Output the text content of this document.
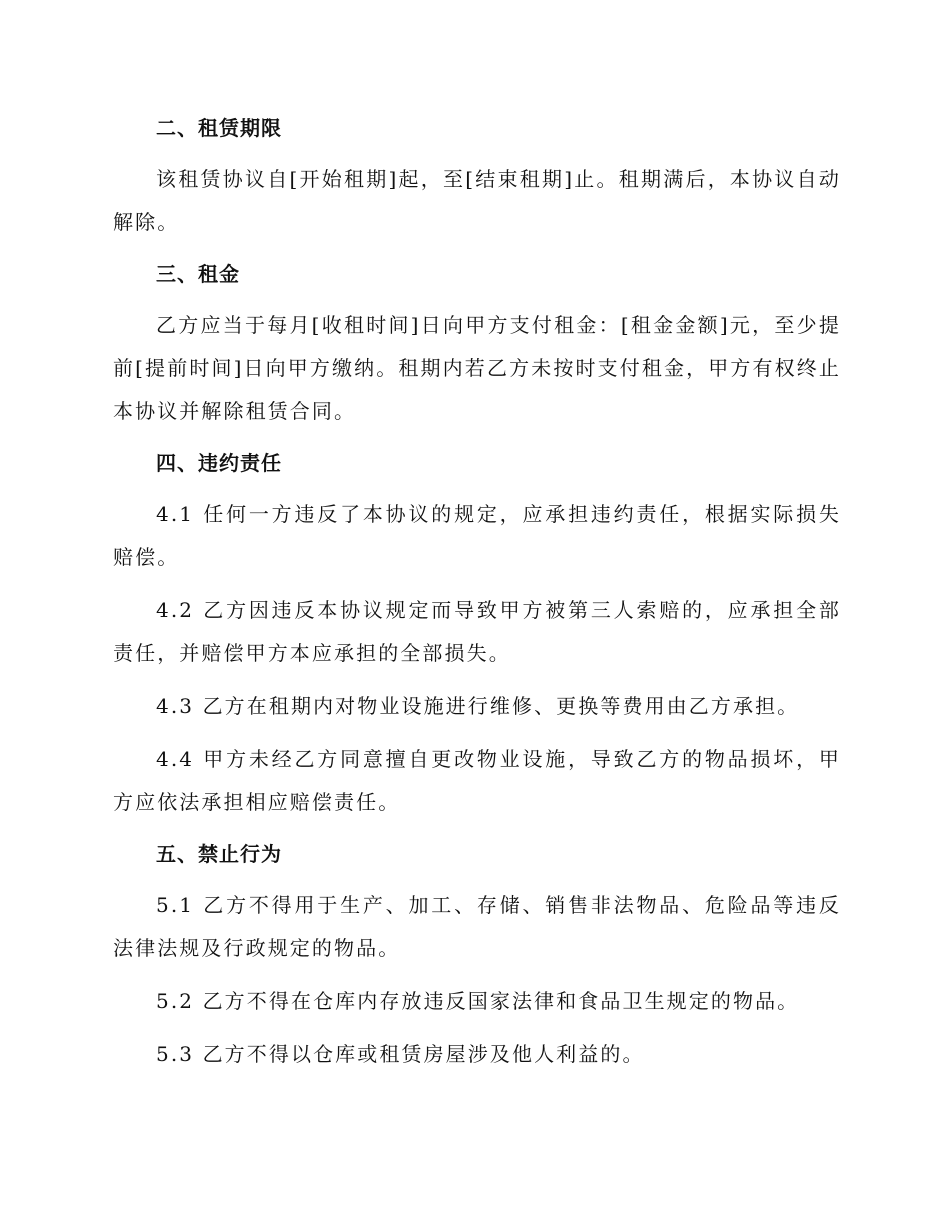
二、租赁期限

该租赁协议自[开始租期]起，至[结束租期]止。租期满后，本协议自动解除。

三、租金

乙方应当于每月[收租时间]日向甲方支付租金：[租金金额]元，至少提前[提前时间]日向甲方缴纳。租期内若乙方未按时支付租金，甲方有权终止本协议并解除租赁合同。

四、违约责任

4.1 任何一方违反了本协议的规定，应承担违约责任，根据实际损失赔偿。

4.2 乙方因违反本协议规定而导致甲方被第三人索赔的，应承担全部责任，并赔偿甲方本应承担的全部损失。

4.3 乙方在租期内对物业设施进行维修、更换等费用由乙方承担。

4.4 甲方未经乙方同意擅自更改物业设施，导致乙方的物品损坏，甲方应依法承担相应赔偿责任。

五、禁止行为

5.1 乙方不得用于生产、加工、存储、销售非法物品、危险品等违反法律法规及行政规定的物品。

5.2 乙方不得在仓库内存放违反国家法律和食品卫生规定的物品。

5.3 乙方不得以仓库或租赁房屋涉及他人利益的。
